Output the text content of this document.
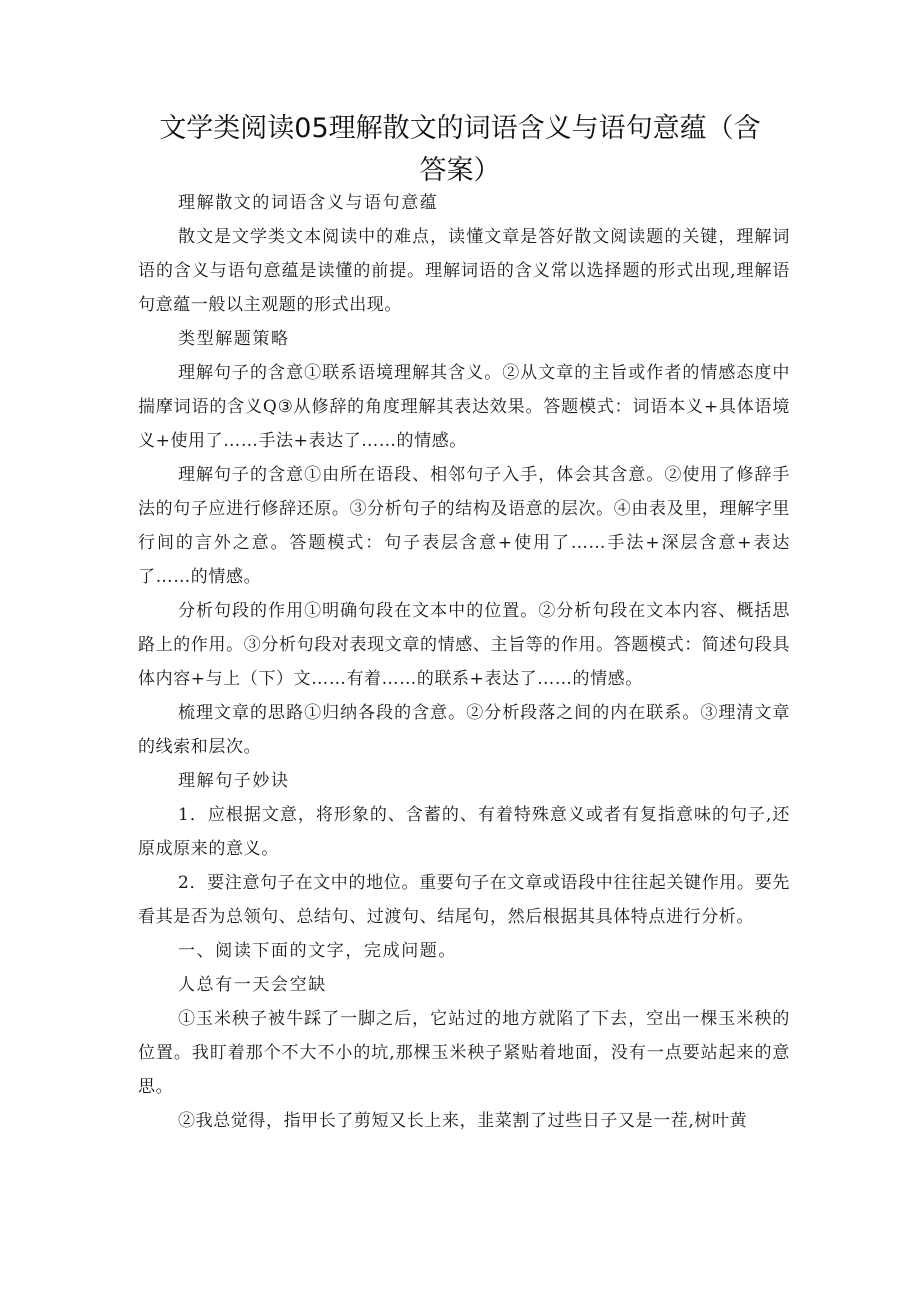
文学类阅读05理解散文的词语含义与语句意蕴（含答案）

理解散文的词语含义与语句意蕴

散文是文学类文本阅读中的难点，读懂文章是答好散文阅读题的关键，理解词语的含义与语句意蕴是读懂的前提。理解词语的含义常以选择题的形式出现,理解语句意蕴一般以主观题的形式出现。

类型解题策略

理解句子的含意①联系语境理解其含义。②从文章的主旨或作者的情感态度中揣摩词语的含义Q③从修辞的角度理解其表达效果。答题模式：词语本义+具体语境义+使用了……手法+表达了……的情感。

理解句子的含意①由所在语段、相邻句子入手，体会其含意。②使用了修辞手法的句子应进行修辞还原。③分析句子的结构及语意的层次。④由表及里，理解字里行间的言外之意。答题模式：句子表层含意+使用了……手法+深层含意+表达了……的情感。

分析句段的作用①明确句段在文本中的位置。②分析句段在文本内容、概括思路上的作用。③分析句段对表现文章的情感、主旨等的作用。答题模式：简述句段具体内容+与上（下）文……有着……的联系+表达了……的情感。

梳理文章的思路①归纳各段的含意。②分析段落之间的内在联系。③理清文章的线索和层次。

理解句子妙诀

1．应根据文意，将形象的、含蓄的、有着特殊意义或者有复指意味的句子,还原成原来的意义。

2．要注意句子在文中的地位。重要句子在文章或语段中往往起关键作用。要先看其是否为总领句、总结句、过渡句、结尾句，然后根据其具体特点进行分析。

一、阅读下面的文字，完成问题。

人总有一天会空缺

①玉米秧子被牛踩了一脚之后，它站过的地方就陷了下去，空出一棵玉米秧的位置。我盯着那个不大不小的坑,那棵玉米秧子紧贴着地面，没有一点要站起来的意思。

②我总觉得，指甲长了剪短又长上来，韭菜割了过些日子又是一茬,树叶黄
